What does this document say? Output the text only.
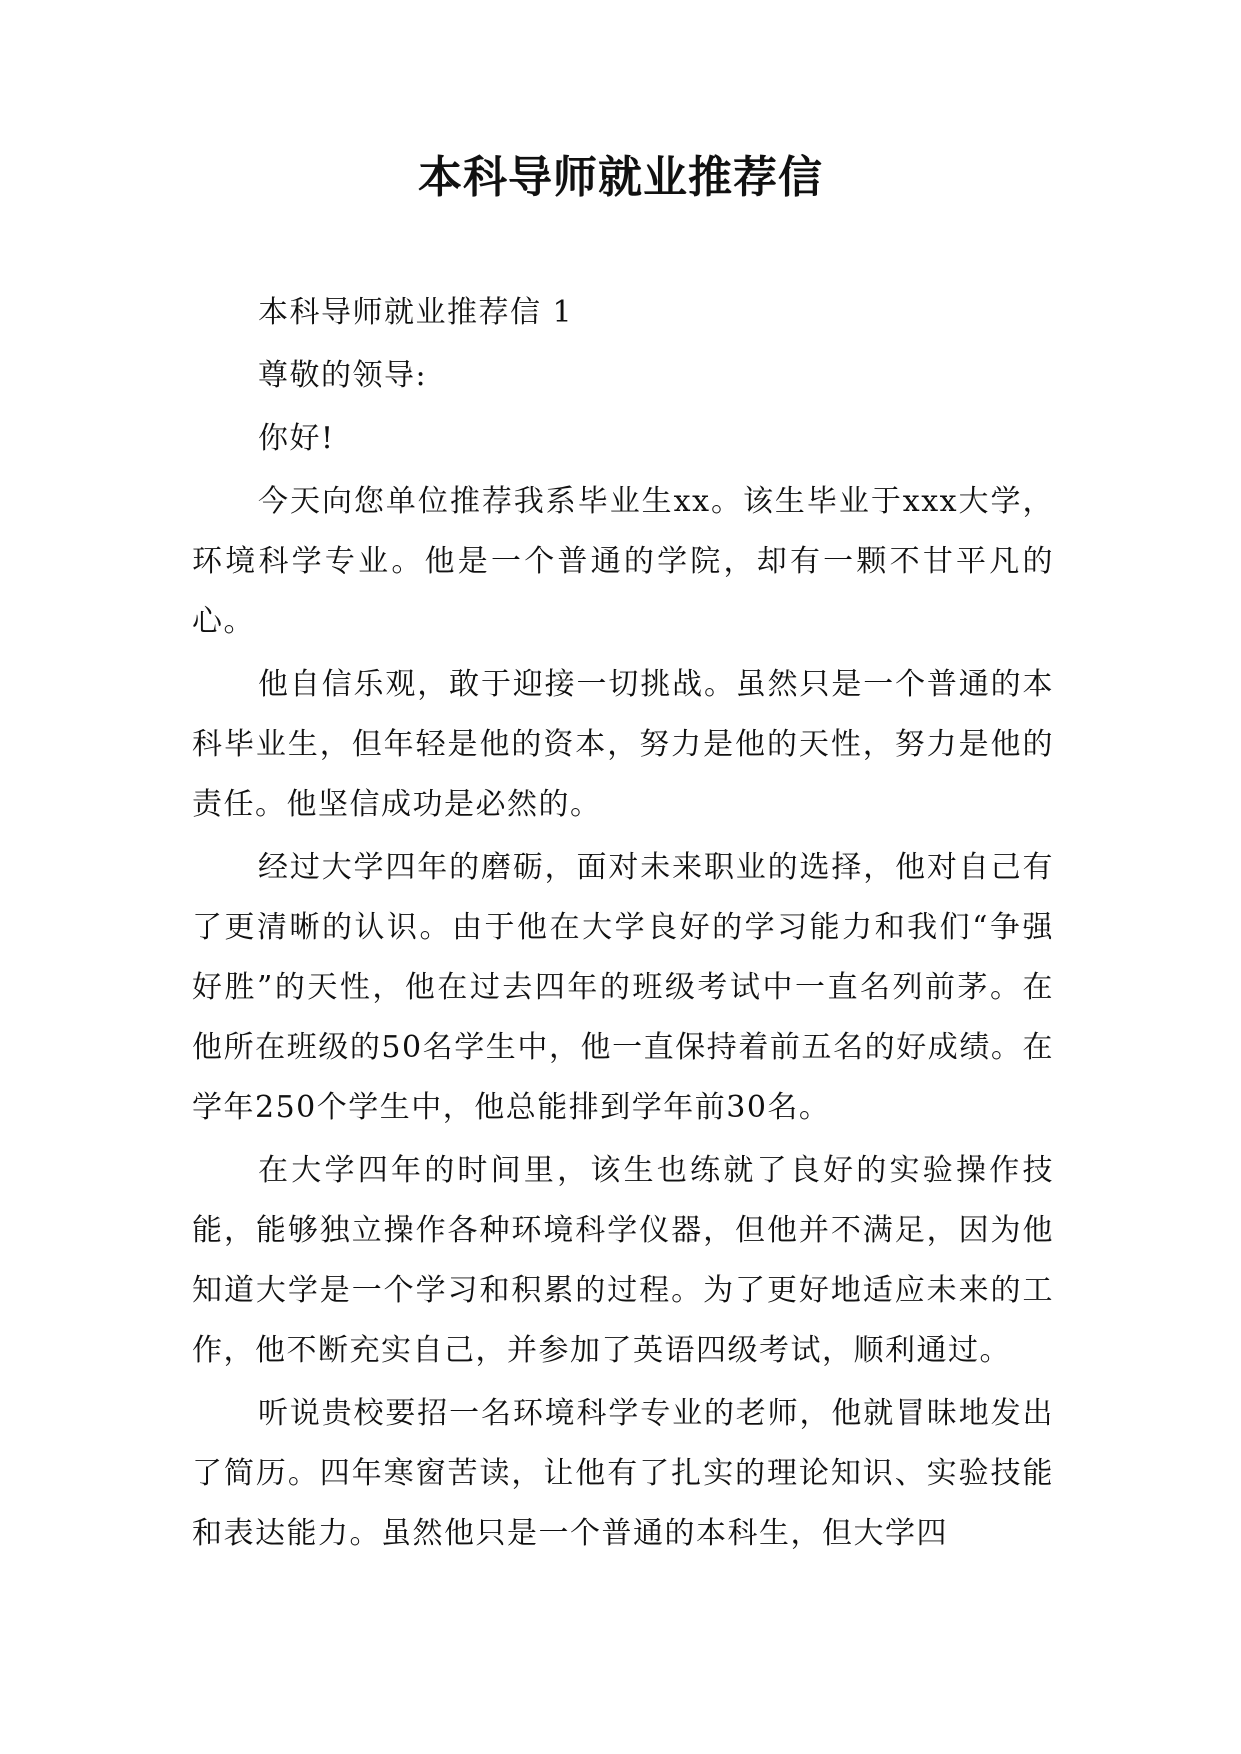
本科导师就业推荐信

本科导师就业推荐信 1

尊敬的领导:

你好!

今天向您单位推荐我系毕业生xx。该生毕业于xxx大学，环境科学专业。他是一个普通的学院，却有一颗不甘平凡的心。

他自信乐观，敢于迎接一切挑战。虽然只是一个普通的本科毕业生，但年轻是他的资本，努力是他的天性，努力是他的责任。他坚信成功是必然的。

经过大学四年的磨砺，面对未来职业的选择，他对自己有了更清晰的认识。由于他在大学良好的学习能力和我们“争强好胜”的天性，他在过去四年的班级考试中一直名列前茅。在他所在班级的50名学生中，他一直保持着前五名的好成绩。在学年250个学生中，他总能排到学年前30名。

在大学四年的时间里，该生也练就了良好的实验操作技能，能够独立操作各种环境科学仪器，但他并不满足，因为他知道大学是一个学习和积累的过程。为了更好地适应未来的工作，他不断充实自己，并参加了英语四级考试，顺利通过。

听说贵校要招一名环境科学专业的老师，他就冒昧地发出了简历。四年寒窗苦读，让他有了扎实的理论知识、实验技能和表达能力。虽然他只是一个普通的本科生，但大学四
